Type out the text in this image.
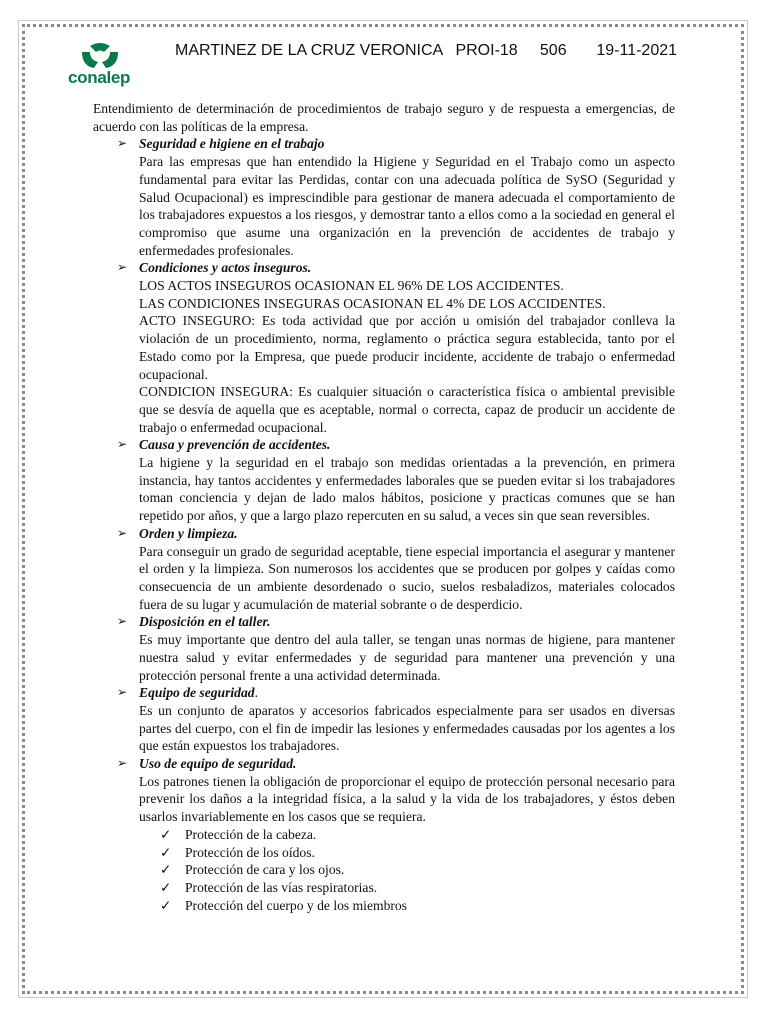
conalep
MARTINEZ DE LA CRUZ VERONICA PROI-18 506 19-11-2021

Entendimiento de determinación de procedimientos de trabajo seguro y de respuesta a emergencias, de acuerdo con las políticas de la empresa.

➢ Seguridad e higiene en el trabajo

Para las empresas que han entendido la Higiene y Seguridad en el Trabajo como un aspecto fundamental para evitar las Perdidas, contar con una adecuada política de SySO (Seguridad y Salud Ocupacional) es imprescindible para gestionar de manera adecuada el comportamiento de los trabajadores expuestos a los riesgos, y demostrar tanto a ellos como a la sociedad en general el compromiso que asume una organización en la prevención de accidentes de trabajo y enfermedades profesionales.

➢ Condiciones y actos inseguros.

LOS ACTOS INSEGUROS OCASIONAN EL 96% DE LOS ACCIDENTES.

LAS CONDICIONES INSEGURAS OCASIONAN EL 4% DE LOS ACCIDENTES.

ACTO INSEGURO: Es toda actividad que por acción u omisión del trabajador conlleva la violación de un procedimiento, norma, reglamento o práctica segura establecida, tanto por el Estado como por la Empresa, que puede producir incidente, accidente de trabajo o enfermedad ocupacional.

CONDICION INSEGURA: Es cualquier situación o característica física o ambiental previsible que se desvía de aquella que es aceptable, normal o correcta, capaz de producir un accidente de trabajo o enfermedad ocupacional.

➢ Causa y prevención de accidentes.

La higiene y la seguridad en el trabajo son medidas orientadas a la prevención, en primera instancia, hay tantos accidentes y enfermedades laborales que se pueden evitar si los trabajadores toman conciencia y dejan de lado malos hábitos, posicione y practicas comunes que se han repetido por años, y que a largo plazo repercuten en su salud, a veces sin que sean reversibles.

➢ Orden y limpieza.

Para conseguir un grado de seguridad aceptable, tiene especial importancia el asegurar y mantener el orden y la limpieza. Son numerosos los accidentes que se producen por golpes y caídas como consecuencia de un ambiente desordenado o sucio, suelos resbaladizos, materiales colocados fuera de su lugar y acumulación de material sobrante o de desperdicio.

➢ Disposición en el taller.

Es muy importante que dentro del aula taller, se tengan unas normas de higiene, para mantener nuestra salud y evitar enfermedades y de seguridad para mantener una prevención y una protección personal frente a una actividad determinada.

➢ Equipo de seguridad.

Es un conjunto de aparatos y accesorios fabricados especialmente para ser usados en diversas partes del cuerpo, con el fin de impedir las lesiones y enfermedades causadas por los agentes a los que están expuestos los trabajadores.

➢ Uso de equipo de seguridad.

Los patrones tienen la obligación de proporcionar el equipo de protección personal necesario para prevenir los daños a la integridad física, a la salud y la vida de los trabajadores, y éstos deben usarlos invariablemente en los casos que se requiera.

✓ Protección de la cabeza.
✓ Protección de los oídos.
✓ Protección de cara y los ojos.
✓ Protección de las vías respiratorias.
✓ Protección del cuerpo y de los miembros
